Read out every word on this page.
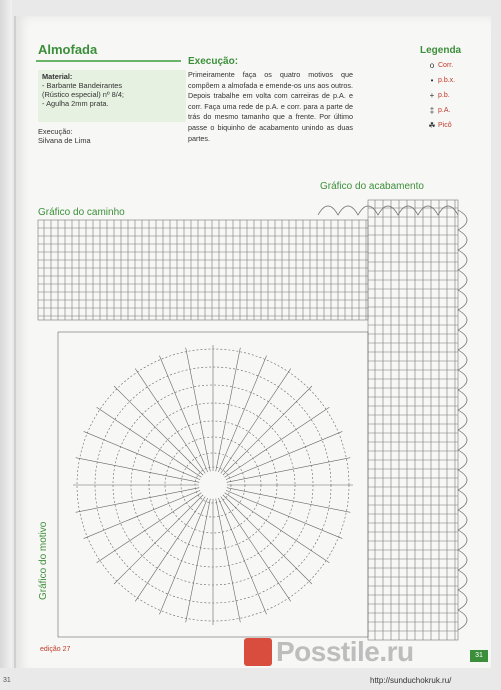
Almofada
Material:
- Barbante Bandeirantes
(Rústico especial) nº 8/4;
- Agulha 2mm prata.
Execução:
Silvana de Lima
Execução:
Primeiramente faça os quatro motivos que compõem a almofada e emende-os uns aos outros. Depois trabalhe em volta com carreiras de p.A. e corr. Faça uma rede de p.A. e corr. para a parte de trás do mesmo tamanho que a frente. Por último passe o biquinho de acabamento unindo as duas partes.
Legenda
o Corr.
• p.b.x.
+ p.b.
‡ p.A.
☘ Picô
Gráfico do acabamento
Gráfico do caminho
Gráfico do motivo
edição 27
31
Posstile.ru
31	http://sunduchokruk.ru/
